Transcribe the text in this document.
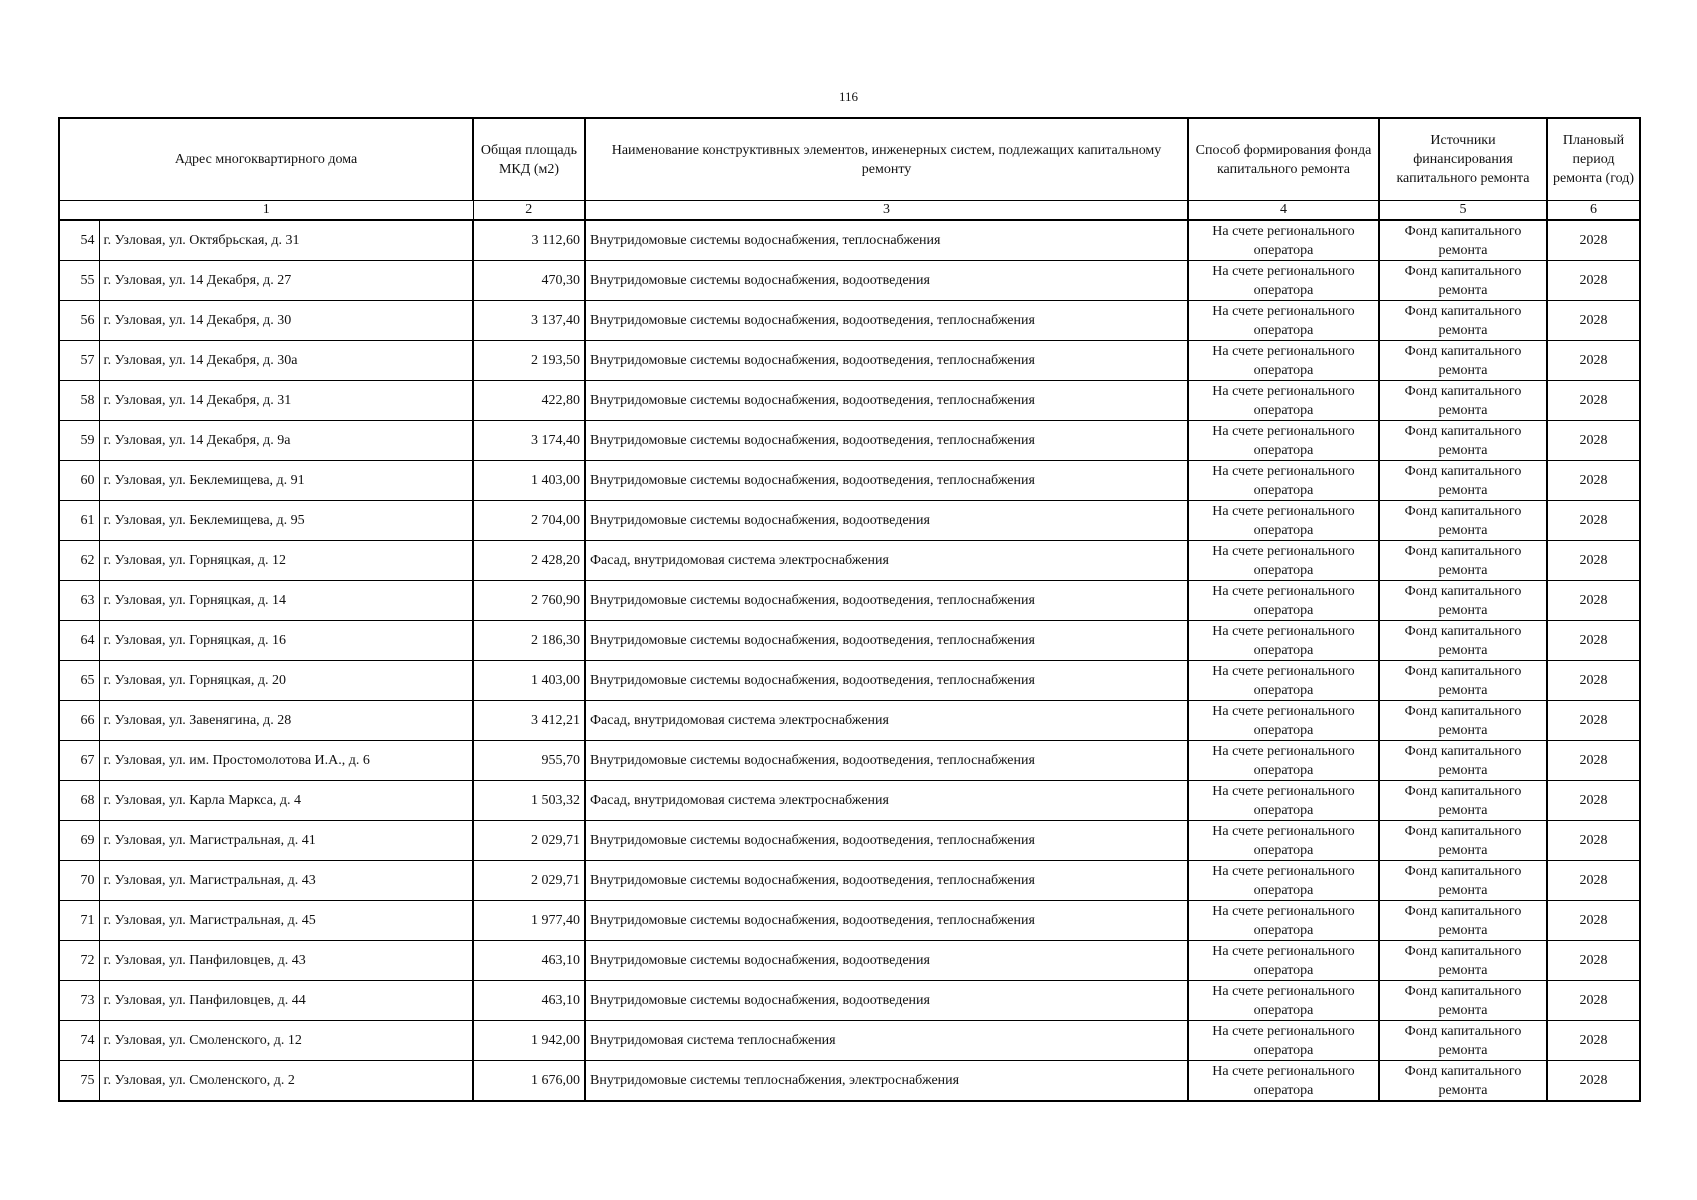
116
Адрес многоквартирного дома		Общая площадь МКД (м2)	Наименование конструктивных элементов, инженерных систем, подлежащих капитальному ремонту	Способ формирования фонда капитального ремонта	Источники финансирования капитального ремонта	Плановый период ремонта (год)
1		2	3	4	5	6
54	г. Узловая, ул. Октябрьская, д. 31	3 112,60	Внутридомовые системы водоснабжения, теплоснабжения	На счете регионального оператора	Фонд капитального ремонта	2028
55	г. Узловая, ул. 14 Декабря, д. 27	470,30	Внутридомовые системы водоснабжения, водоотведения	На счете регионального оператора	Фонд капитального ремонта	2028
56	г. Узловая, ул. 14 Декабря, д. 30	3 137,40	Внутридомовые системы водоснабжения, водоотведения, теплоснабжения	На счете регионального оператора	Фонд капитального ремонта	2028
57	г. Узловая, ул. 14 Декабря, д. 30а	2 193,50	Внутридомовые системы водоснабжения, водоотведения, теплоснабжения	На счете регионального оператора	Фонд капитального ремонта	2028
58	г. Узловая, ул. 14 Декабря, д. 31	422,80	Внутридомовые системы водоснабжения, водоотведения, теплоснабжения	На счете регионального оператора	Фонд капитального ремонта	2028
59	г. Узловая, ул. 14 Декабря, д. 9а	3 174,40	Внутридомовые системы водоснабжения, водоотведения, теплоснабжения	На счете регионального оператора	Фонд капитального ремонта	2028
60	г. Узловая, ул. Беклемищева, д. 91	1 403,00	Внутридомовые системы водоснабжения, водоотведения, теплоснабжения	На счете регионального оператора	Фонд капитального ремонта	2028
61	г. Узловая, ул. Беклемищева, д. 95	2 704,00	Внутридомовые системы водоснабжения, водоотведения	На счете регионального оператора	Фонд капитального ремонта	2028
62	г. Узловая, ул. Горняцкая, д. 12	2 428,20	Фасад, внутридомовая система электроснабжения	На счете регионального оператора	Фонд капитального ремонта	2028
63	г. Узловая, ул. Горняцкая, д. 14	2 760,90	Внутридомовые системы водоснабжения, водоотведения, теплоснабжения	На счете регионального оператора	Фонд капитального ремонта	2028
64	г. Узловая, ул. Горняцкая, д. 16	2 186,30	Внутридомовые системы водоснабжения, водоотведения, теплоснабжения	На счете регионального оператора	Фонд капитального ремонта	2028
65	г. Узловая, ул. Горняцкая, д. 20	1 403,00	Внутридомовые системы водоснабжения, водоотведения, теплоснабжения	На счете регионального оператора	Фонд капитального ремонта	2028
66	г. Узловая, ул. Завенягина, д. 28	3 412,21	Фасад, внутридомовая система электроснабжения	На счете регионального оператора	Фонд капитального ремонта	2028
67	г. Узловая, ул. им. Простомолотова И.А., д. 6	955,70	Внутридомовые системы водоснабжения, водоотведения, теплоснабжения	На счете регионального оператора	Фонд капитального ремонта	2028
68	г. Узловая, ул. Карла Маркса, д. 4	1 503,32	Фасад, внутридомовая система электроснабжения	На счете регионального оператора	Фонд капитального ремонта	2028
69	г. Узловая, ул. Магистральная, д. 41	2 029,71	Внутридомовые системы водоснабжения, водоотведения, теплоснабжения	На счете регионального оператора	Фонд капитального ремонта	2028
70	г. Узловая, ул. Магистральная, д. 43	2 029,71	Внутридомовые системы водоснабжения, водоотведения, теплоснабжения	На счете регионального оператора	Фонд капитального ремонта	2028
71	г. Узловая, ул. Магистральная, д. 45	1 977,40	Внутридомовые системы водоснабжения, водоотведения, теплоснабжения	На счете регионального оператора	Фонд капитального ремонта	2028
72	г. Узловая, ул. Панфиловцев, д. 43	463,10	Внутридомовые системы водоснабжения, водоотведения	На счете регионального оператора	Фонд капитального ремонта	2028
73	г. Узловая, ул. Панфиловцев, д. 44	463,10	Внутридомовые системы водоснабжения, водоотведения	На счете регионального оператора	Фонд капитального ремонта	2028
74	г. Узловая, ул. Смоленского, д. 12	1 942,00	Внутридомовая система теплоснабжения	На счете регионального оператора	Фонд капитального ремонта	2028
75	г. Узловая, ул. Смоленского, д. 2	1 676,00	Внутридомовые системы теплоснабжения, электроснабжения	На счете регионального оператора	Фонд капитального ремонта	2028
